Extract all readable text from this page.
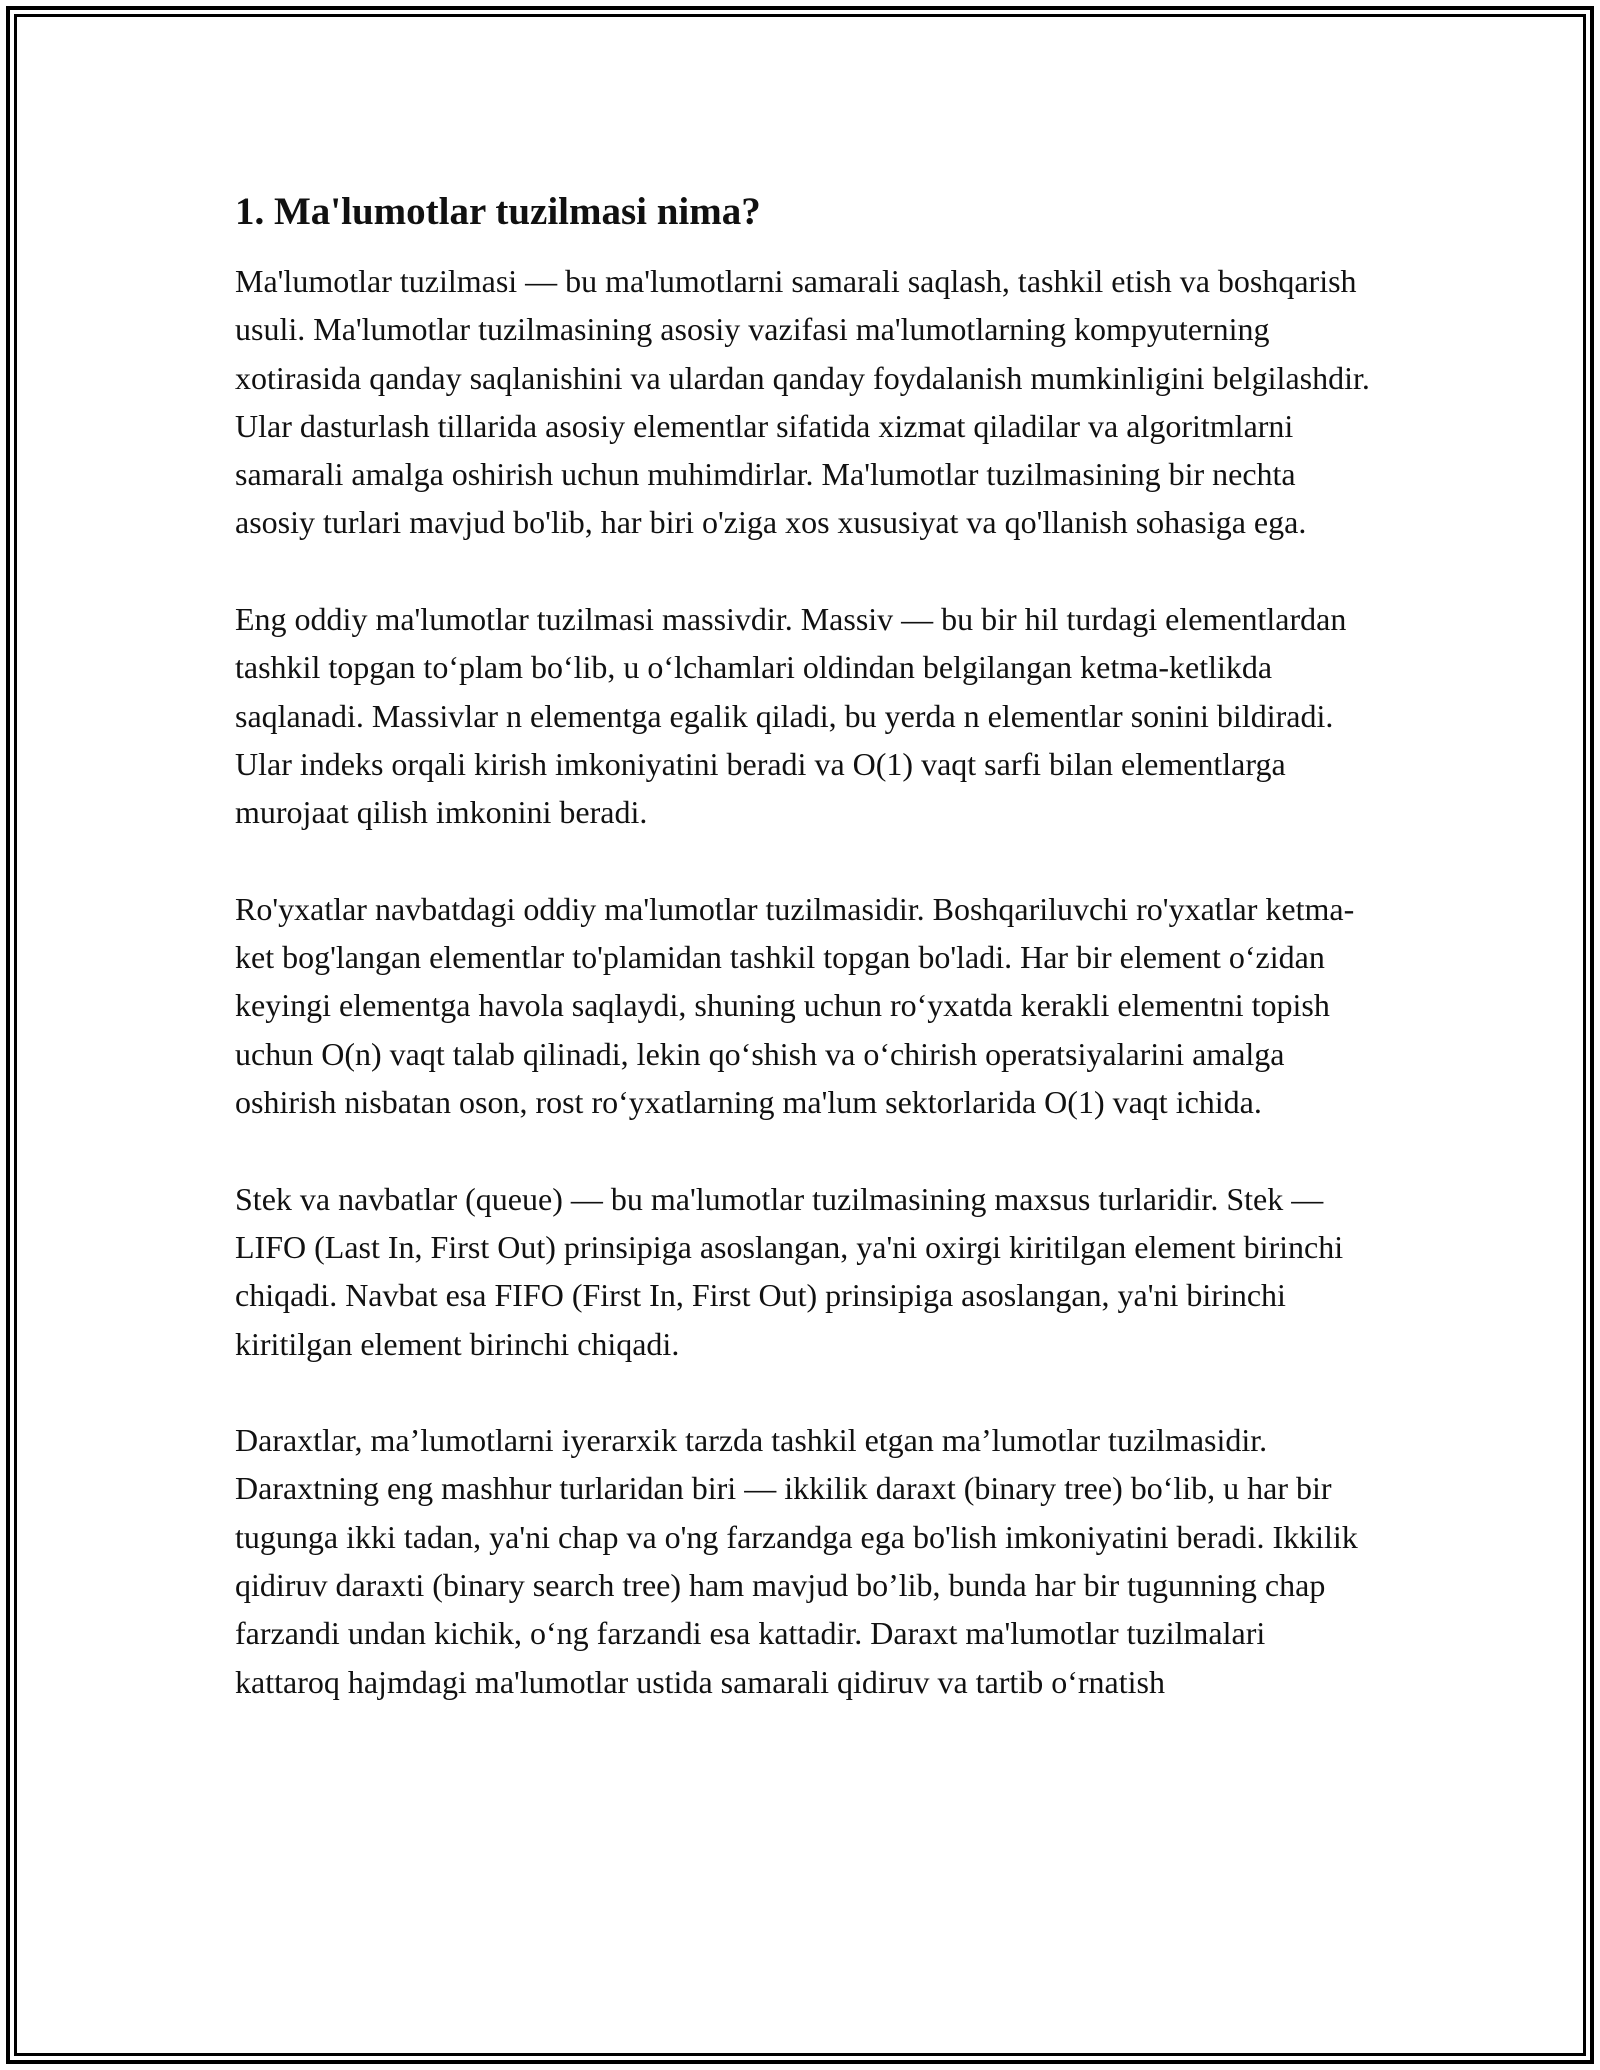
1. Ma'lumotlar tuzilmasi nima?

Ma'lumotlar tuzilmasi — bu ma'lumotlarni samarali saqlash, tashkil etish va boshqarish usuli. Ma'lumotlar tuzilmasining asosiy vazifasi ma'lumotlarning kompyuterning xotirasida qanday saqlanishini va ulardan qanday foydalanish mumkinligini belgilashdir. Ular dasturlash tillarida asosiy elementlar sifatida xizmat qiladilar va algoritmlarni samarali amalga oshirish uchun muhimdirlar. Ma'lumotlar tuzilmasining bir nechta asosiy turlari mavjud bo'lib, har biri o'ziga xos xususiyat va qo'llanish sohasiga ega.

Eng oddiy ma'lumotlar tuzilmasi massivdir. Massiv — bu bir hil turdagi elementlardan tashkil topgan to‘plam bo‘lib, u o‘lchamlari oldindan belgilangan ketma-ketlikda saqlanadi. Massivlar n elementga egalik qiladi, bu yerda n elementlar sonini bildiradi. Ular indeks orqali kirish imkoniyatini beradi va O(1) vaqt sarfi bilan elementlarga murojaat qilish imkonini beradi.

Ro'yxatlar navbatdagi oddiy ma'lumotlar tuzilmasidir. Boshqariluvchi ro'yxatlar ketma-ket bog'langan elementlar to'plamidan tashkil topgan bo'ladi. Har bir element o‘zidan keyingi elementga havola saqlaydi, shuning uchun ro‘yxatda kerakli elementni topish uchun O(n) vaqt talab qilinadi, lekin qo‘shish va o‘chirish operatsiyalarini amalga oshirish nisbatan oson, rost ro‘yxatlarning ma'lum sektorlarida O(1) vaqt ichida.

Stek va navbatlar (queue) — bu ma'lumotlar tuzilmasining maxsus turlaridir. Stek — LIFO (Last In, First Out) prinsipiga asoslangan, ya'ni oxirgi kiritilgan element birinchi chiqadi. Navbat esa FIFO (First In, First Out) prinsipiga asoslangan, ya'ni birinchi kiritilgan element birinchi chiqadi.

Daraxtlar, ma’lumotlarni iyerarxik tarzda tashkil etgan ma’lumotlar tuzilmasidir. Daraxtning eng mashhur turlaridan biri — ikkilik daraxt (binary tree) bo‘lib, u har bir tugunga ikki tadan, ya'ni chap va o'ng farzandga ega bo'lish imkoniyatini beradi. Ikkilik qidiruv daraxti (binary search tree) ham mavjud bo’lib, bunda har bir tugunning chap farzandi undan kichik, o‘ng farzandi esa kattadir. Daraxt ma'lumotlar tuzilmalari kattaroq hajmdagi ma'lumotlar ustida samarali qidiruv va tartib o‘rnatish
